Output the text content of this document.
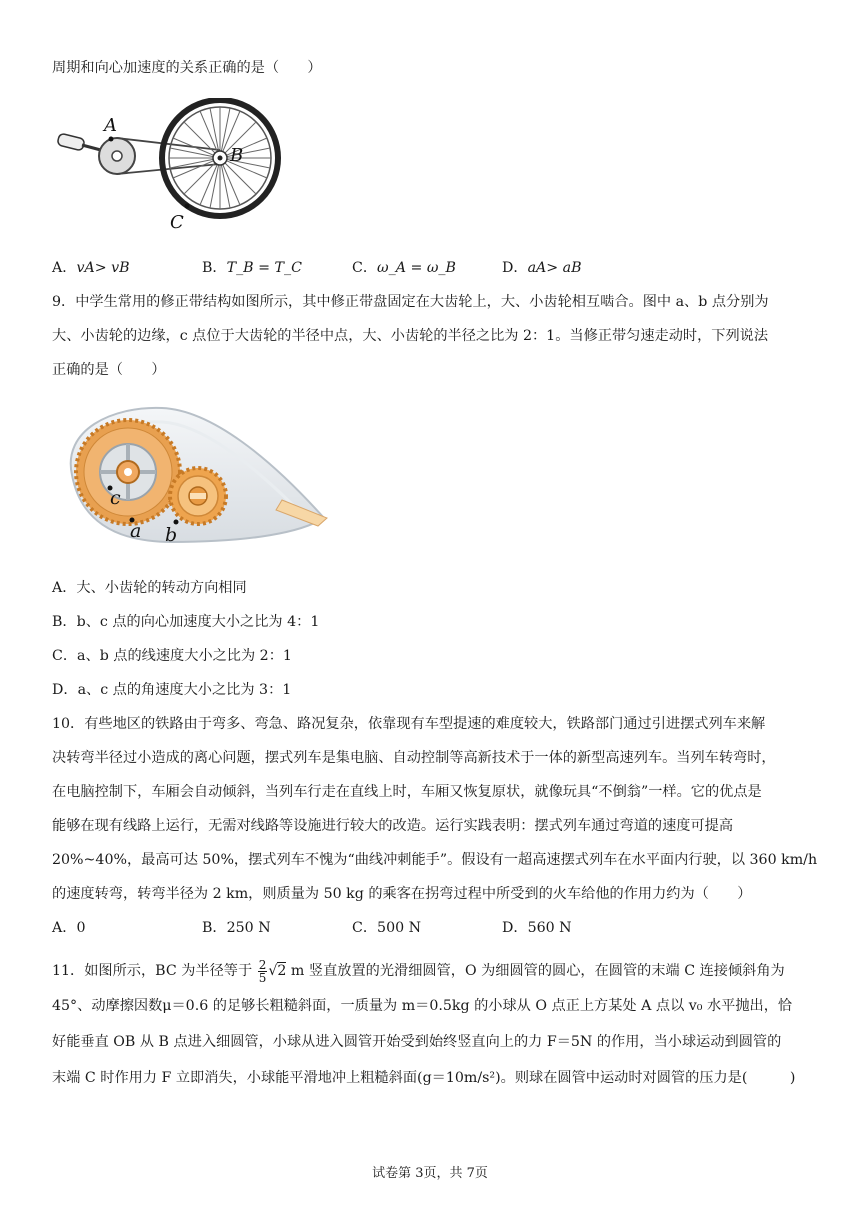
周期和向心加速度的关系正确的是（　　）
A
B
C
A．vA> vB	B．T_B = T_C	C．ω_A = ω_B	D．aA> aB
9．中学生常用的修正带结构如图所示，其中修正带盘固定在大齿轮上，大、小齿轮相互啮合。图中 a、b 点分别为
大、小齿轮的边缘，c 点位于大齿轮的半径中点，大、小齿轮的半径之比为 2：1。当修正带匀速走动时，下列说法
正确的是（　　）
c
a b
A．大、小齿轮的转动方向相同
B．b、c 点的向心加速度大小之比为 4：1
C．a、b 点的线速度大小之比为 2：1
D．a、c 点的角速度大小之比为 3：1
10．有些地区的铁路由于弯多、弯急、路况复杂，依靠现有车型提速的难度较大，铁路部门通过引进摆式列车来解
决转弯半径过小造成的离心问题，摆式列车是集电脑、自动控制等高新技术于一体的新型高速列车。当列车转弯时，
在电脑控制下，车厢会自动倾斜，当列车行走在直线上时，车厢又恢复原状，就像玩具“不倒翁”一样。它的优点是
能够在现有线路上运行，无需对线路等设施进行较大的改造。运行实践表明：摆式列车通过弯道的速度可提高
20%~40%，最高可达 50%，摆式列车不愧为“曲线冲刺能手”。假设有一超高速摆式列车在水平面内行驶，以 360 km/h
的速度转弯，转弯半径为 2 km，则质量为 50 kg 的乘客在拐弯过程中所受到的火车给他的作用力约为（　　）
A．0	B．250 N	C．500 N	D．560 N
11．如图所示，BC 为半径等于 $\frac{2}{5} √2$ m 竖直放置的光滑细圆管，O 为细圆管的圆心，在圆管的末端 C 连接倾斜角为
45°、动摩擦因数μ＝0.6 的足够长粗糙斜面，一质量为 m＝0.5kg 的小球从 O 点正上方某处 A 点以 v₀ 水平抛出，恰
好能垂直 OB 从 B 点进入细圆管，小球从进入圆管开始受到始终竖直向上的力 F＝5N 的作用，当小球运动到圆管的
末端 C 时作用力 F 立即消失，小球能平滑地冲上粗糙斜面(g＝10m/s²)。则球在圆管中运动时对圆管的压力是(　　　)
试卷第 3页，共 7页
